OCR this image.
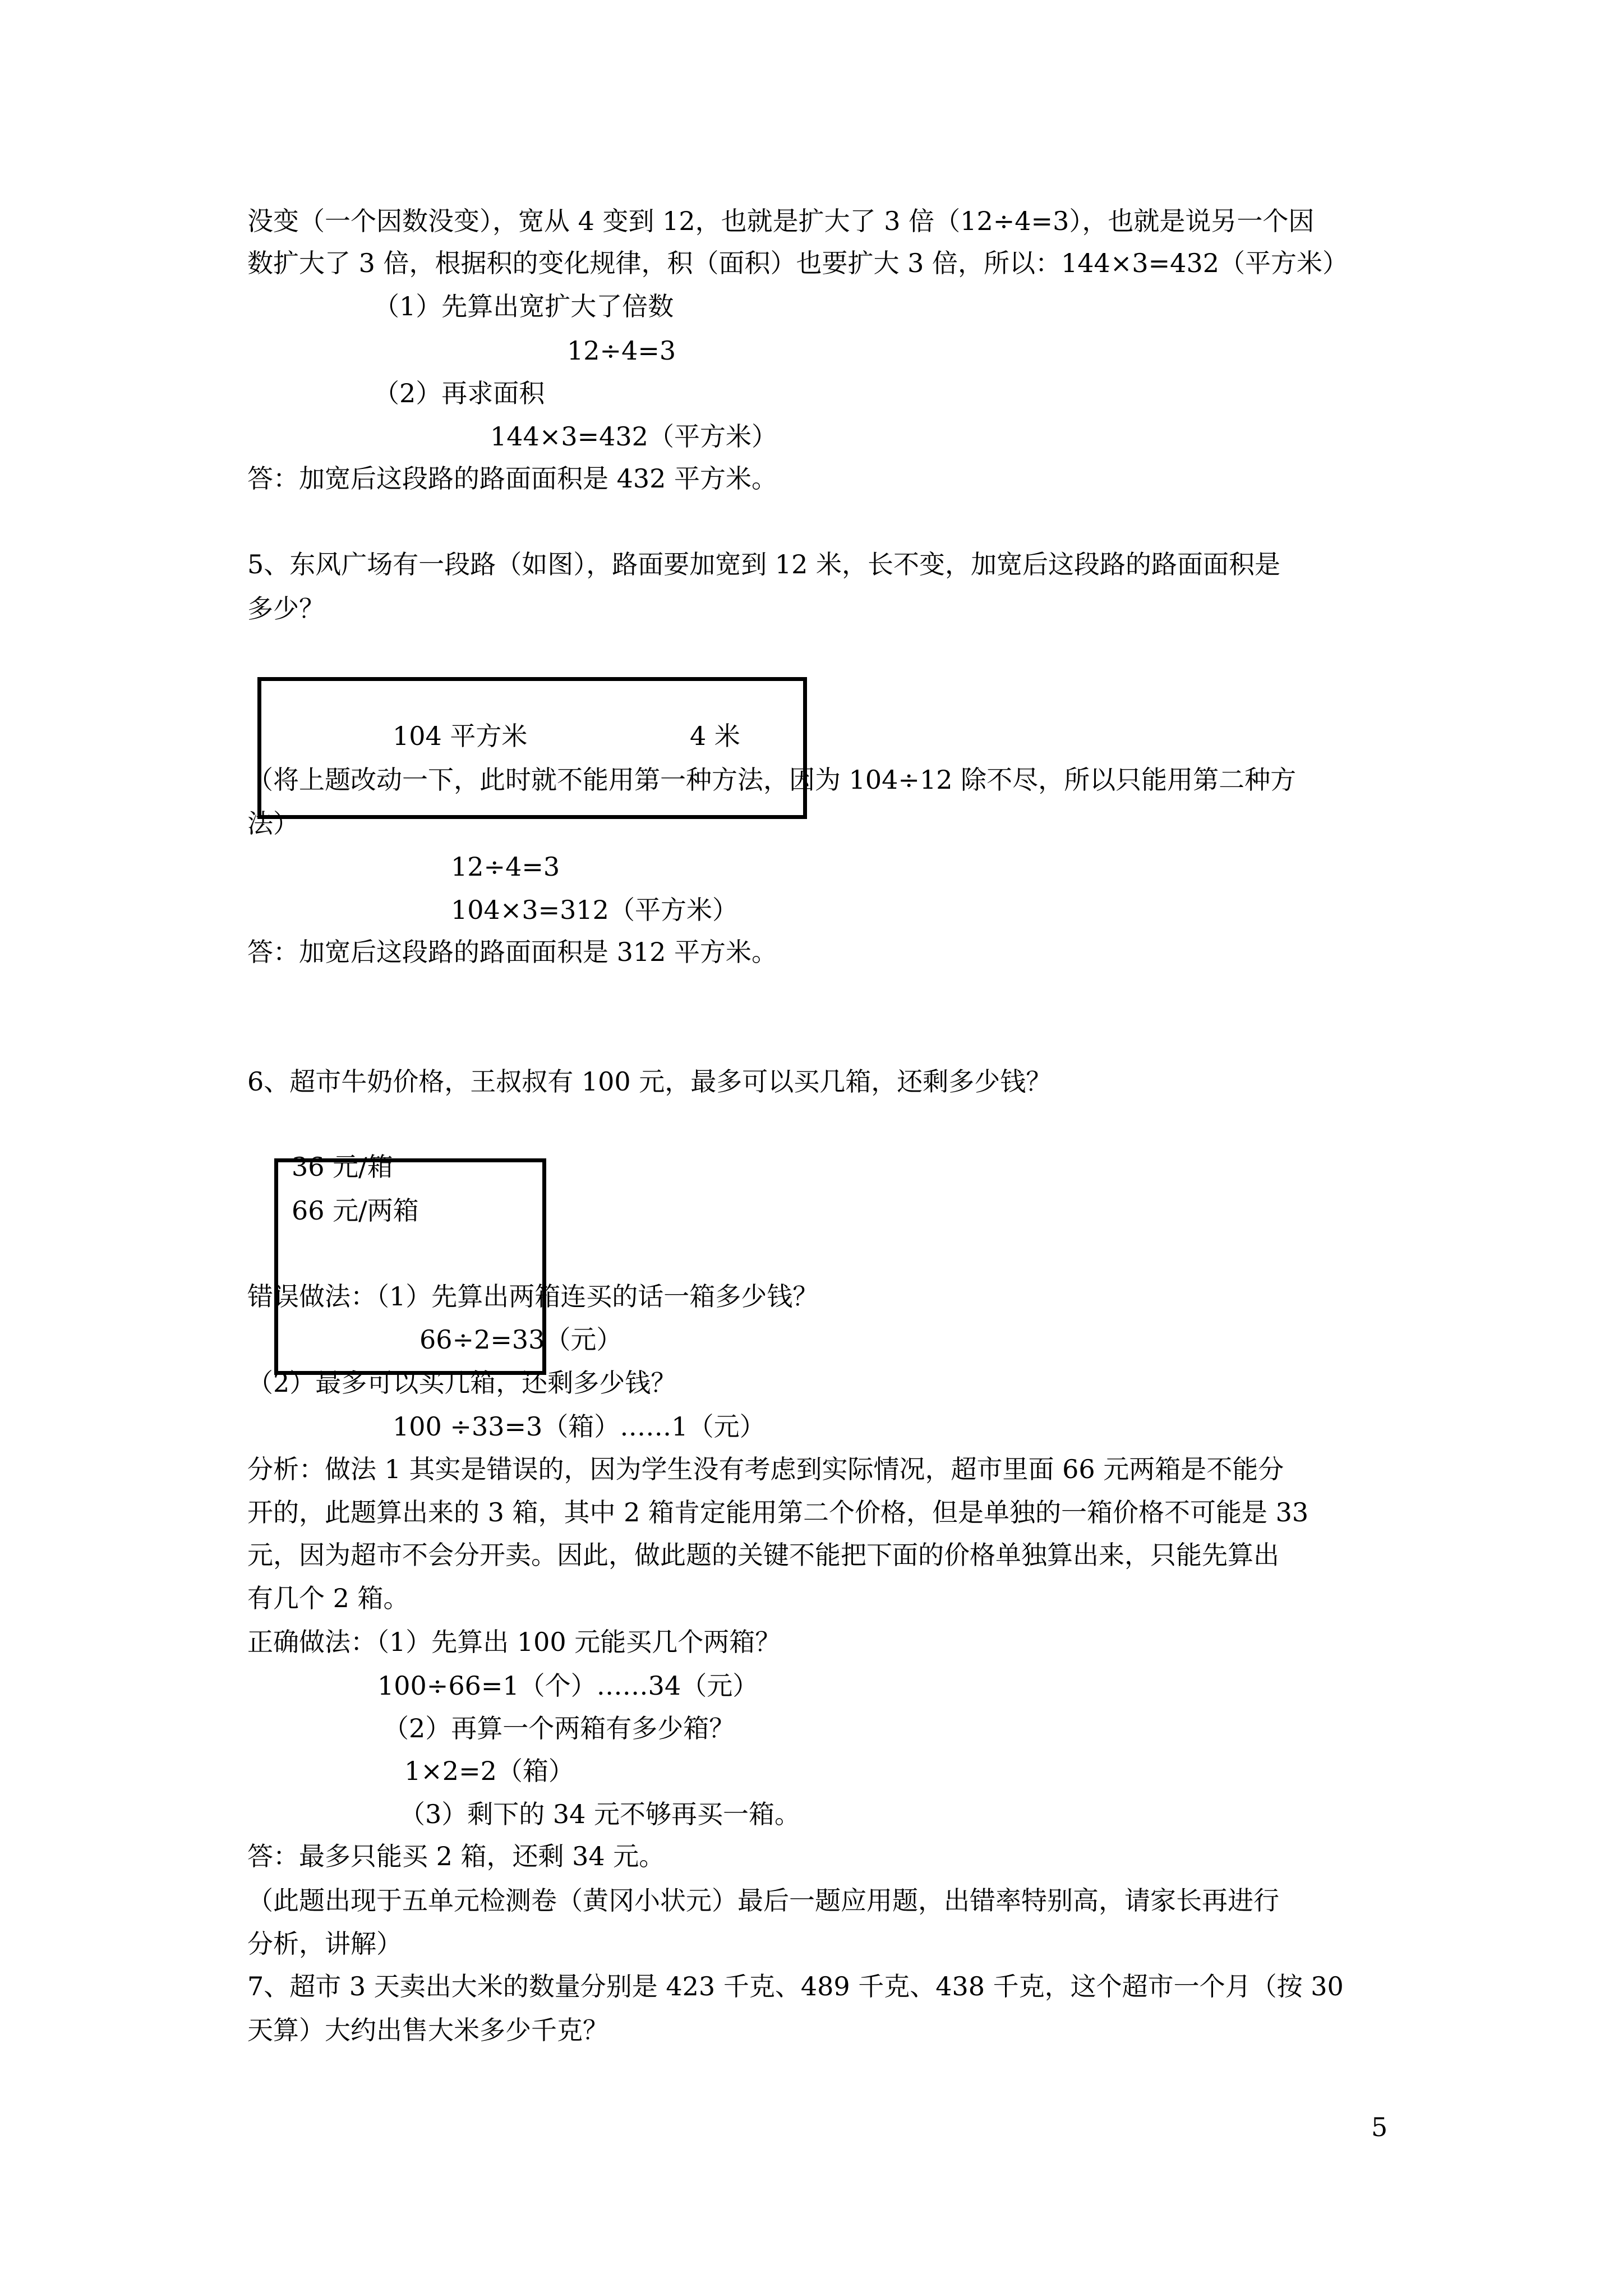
没变（一个因数没变），宽从 4 变到 12，也就是扩大了 3 倍（12÷4=3），也就是说另一个因
数扩大了 3 倍，根据积的变化规律，积（面积）也要扩大 3 倍，所以：144×3=432（平方米）
（1）先算出宽扩大了倍数
12÷4=3
（2）再求面积
144×3=432（平方米）
答：加宽后这段路的路面面积是 432 平方米。
5、东风广场有一段路（如图），路面要加宽到 12 米，长不变，加宽后这段路的路面面积是
多少？
104 平方米	4 米
（将上题改动一下，此时就不能用第一种方法，因为 104÷12 除不尽，所以只能用第二种方
法）
12÷4=3
104×3=312（平方米）
答：加宽后这段路的路面面积是 312 平方米。
6、超市牛奶价格，王叔叔有 100 元，最多可以买几箱，还剩多少钱？
36 元/箱
66 元/两箱
错误做法：（1）先算出两箱连买的话一箱多少钱？
66÷2=33（元）
（2）最多可以买几箱，还剩多少钱？
100 ÷33=3（箱）……1（元）
分析：做法 1 其实是错误的，因为学生没有考虑到实际情况，超市里面 66 元两箱是不能分
开的，此题算出来的 3 箱，其中 2 箱肯定能用第二个价格，但是单独的一箱价格不可能是 33
元，因为超市不会分开卖。因此，做此题的关键不能把下面的价格单独算出来，只能先算出
有几个 2 箱。
正确做法：（1）先算出 100 元能买几个两箱？
100÷66=1（个）……34（元）
（2）再算一个两箱有多少箱？
1×2=2（箱）
（3）剩下的 34 元不够再买一箱。
答：最多只能买 2 箱，还剩 34 元。
（此题出现于五单元检测卷（黄冈小状元）最后一题应用题，出错率特别高，请家长再进行
分析，讲解）
7、超市 3 天卖出大米的数量分别是 423 千克、489 千克、438 千克，这个超市一个月（按 30
天算）大约出售大米多少千克？
5
